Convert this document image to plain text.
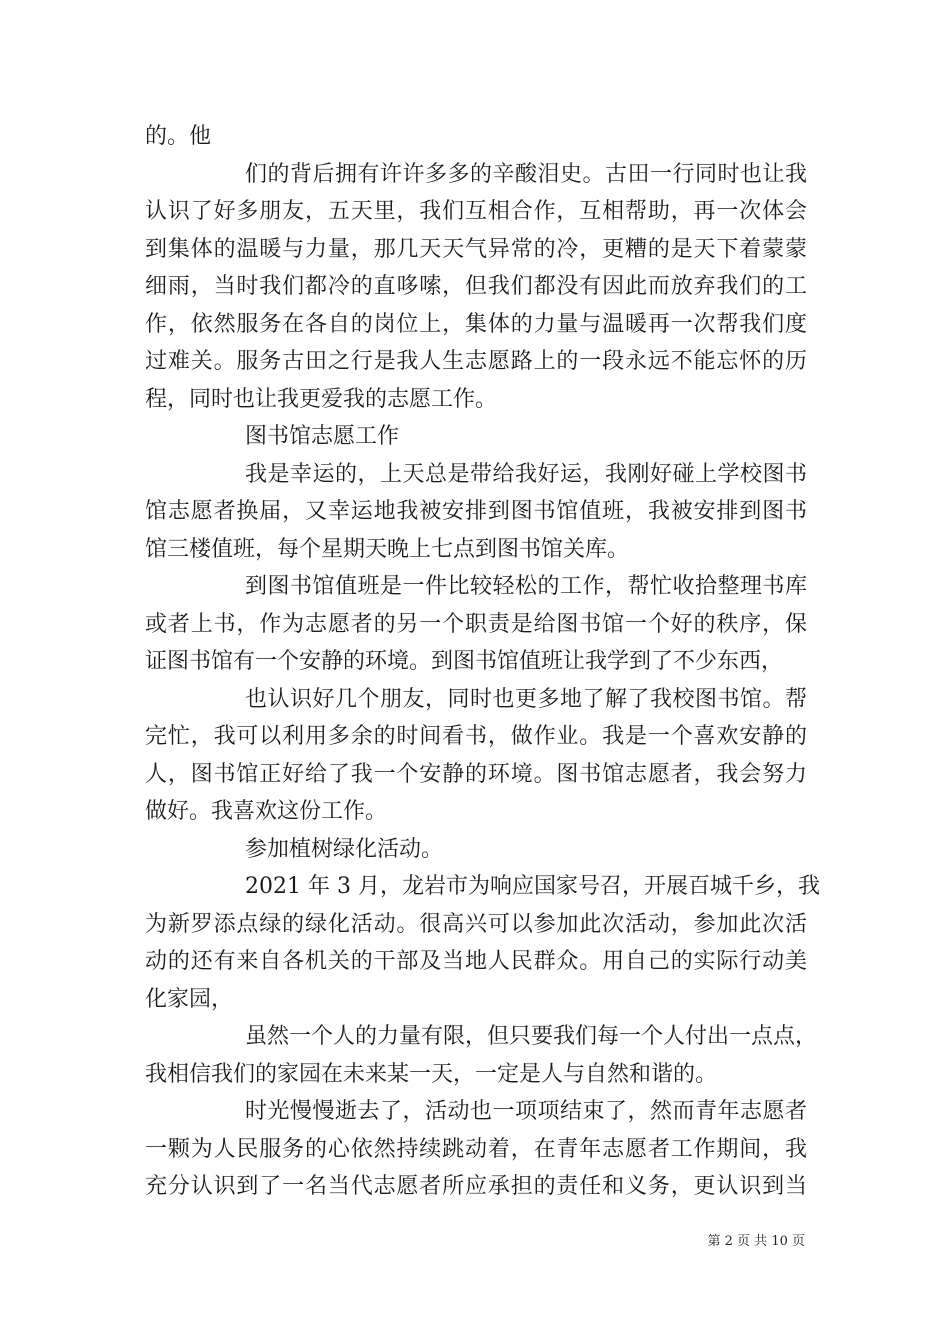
的。他
们的背后拥有许许多多的辛酸泪史。古田一行同时也让我
认识了好多朋友，五天里，我们互相合作，互相帮助，再一次体会
到集体的温暖与力量，那几天天气异常的冷，更糟的是天下着蒙蒙
细雨，当时我们都冷的直哆嗦，但我们都没有因此而放弃我们的工
作，依然服务在各自的岗位上，集体的力量与温暖再一次帮我们度
过难关。服务古田之行是我人生志愿路上的一段永远不能忘怀的历
程，同时也让我更爱我的志愿工作。
图书馆志愿工作
我是幸运的，上天总是带给我好运，我刚好碰上学校图书
馆志愿者换届，又幸运地我被安排到图书馆值班，我被安排到图书
馆三楼值班，每个星期天晚上七点到图书馆关库。
到图书馆值班是一件比较轻松的工作，帮忙收拾整理书库
或者上书，作为志愿者的另一个职责是给图书馆一个好的秩序，保
证图书馆有一个安静的环境。到图书馆值班让我学到了不少东西，
也认识好几个朋友，同时也更多地了解了我校图书馆。帮
完忙，我可以利用多余的时间看书，做作业。我是一个喜欢安静的
人，图书馆正好给了我一个安静的环境。图书馆志愿者，我会努力
做好。我喜欢这份工作。
参加植树绿化活动。
2021 年 3 月，龙岩市为响应国家号召，开展百城千乡，我
为新罗添点绿的绿化活动。很高兴可以参加此次活动，参加此次活
动的还有来自各机关的干部及当地人民群众。用自己的实际行动美
化家园，
虽然一个人的力量有限，但只要我们每一个人付出一点点，
我相信我们的家园在未来某一天，一定是人与自然和谐的。
时光慢慢逝去了，活动也一项项结束了，然而青年志愿者
一颗为人民服务的心依然持续跳动着，在青年志愿者工作期间，我
充分认识到了一名当代志愿者所应承担的责任和义务，更认识到当
第 2 页 共 10 页
